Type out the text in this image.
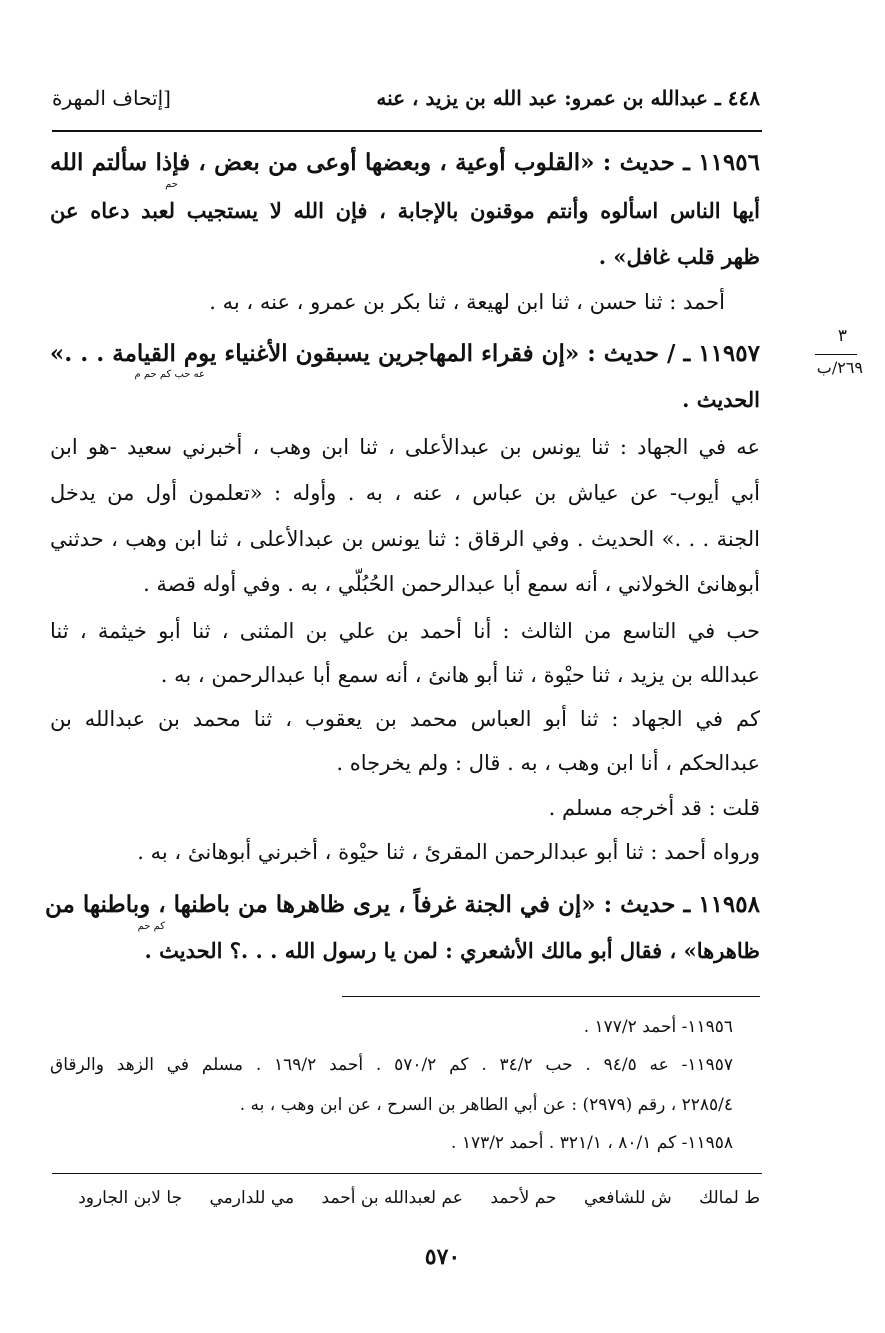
٤٤٨ ـ عبدالله بن عمرو: عبد الله بن يزيد ، عنه
[إتحاف المهرة
٣
٢٦٩/ب
١١٩٥٦ ـ حديث : «القلوب أوعية ، وبعضها أوعى من بعض ، فإذا سألتم الله
حم
أيها الناس اسألوه وأنتم موقنون بالإجابة ، فإن الله لا يستجيب لعبد دعاه عن
ظهر قلب غافل» .
أحمد : ثنا حسن ، ثنا ابن لهيعة ، ثنا بكر بن عمرو ، عنه ، به .
١١٩٥٧ ـ / حديث : «إن فقراء المهاجرين يسبقون الأغنياء يوم القيامة . . .»
عه حب كم حم م
الحديث .
عه في الجهاد : ثنا يونس بن عبدالأعلى ، ثنا ابن وهب ، أخبرني سعيد -هو ابن
أبي أيوب- عن عياش بن عباس ، عنه ، به . وأوله : «تعلمون أول من يدخل
الجنة . . .» الحديث . وفي الرقاق : ثنا يونس بن عبدالأعلى ، ثنا ابن وهب ، حدثني
أبوهانئ الخولاني ، أنه سمع أبا عبدالرحمن الحُبُلّي ، به . وفي أوله قصة .
حب في التاسع من الثالث : أنا أحمد بن علي بن المثنى ، ثنا أبو خيثمة ، ثنا
عبدالله بن يزيد ، ثنا حيْوة ، ثنا أبو هانئ ، أنه سمع أبا عبدالرحمن ، به .
كم في الجهاد : ثنا أبو العباس محمد بن يعقوب ، ثنا محمد بن عبدالله بن
عبدالحكم ، أنا ابن وهب ، به . قال : ولم يخرجاه .
قلت : قد أخرجه مسلم .
ورواه أحمد : ثنا أبو عبدالرحمن المقرئ ، ثنا حيْوة ، أخبرني أبوهانئ ، به .
١١٩٥٨ ـ حديث : «إن في الجنة غرفاً ، يرى ظاهرها من باطنها ، وباطنها من
كم حم
ظاهرها» ، فقال أبو مالك الأشعري : لمن يا رسول الله . . .؟ الحديث .
١١٩٥٦- أحمد ١٧٧/٢ .
١١٩٥٧- عه ٩٤/٥ . حب ٣٤/٢ . كم ٥٧٠/٢ . أحمد ١٦٩/٢ . مسلم في الزهد والرقاق
٢٢٨٥/٤ ، رقم (٢٩٧٩) : عن أبي الطاهر بن السرح ، عن ابن وهب ، به .
١١٩٥٨- كم ٨٠/١ ، ٣٢١/١ . أحمد ١٧٣/٢ .
ط لمالك ش للشافعي حم لأحمد عم لعبدالله بن أحمد مي للدارمي جا لابن الجارود
٥٧٠
